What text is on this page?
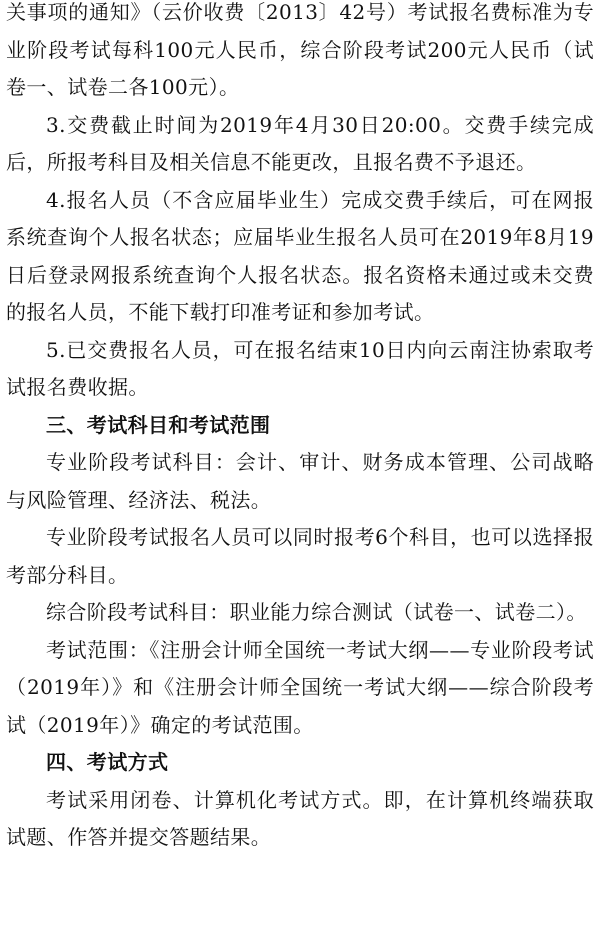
关事项的通知》（云价收费〔2013〕42号）考试报名费标准为专业阶段考试每科100元人民币，综合阶段考试200元人民币（试卷一、试卷二各100元）。

3.交费截止时间为2019年4月30日20:00。交费手续完成后，所报考科目及相关信息不能更改，且报名费不予退还。

4.报名人员（不含应届毕业生）完成交费手续后，可在网报系统查询个人报名状态；应届毕业生报名人员可在2019年8月19日后登录网报系统查询个人报名状态。报名资格未通过或未交费的报名人员，不能下载打印准考证和参加考试。

5.已交费报名人员，可在报名结束10日内向云南注协索取考试报名费收据。

三、考试科目和考试范围

专业阶段考试科目：会计、审计、财务成本管理、公司战略与风险管理、经济法、税法。

专业阶段考试报名人员可以同时报考6个科目，也可以选择报考部分科目。

综合阶段考试科目：职业能力综合测试（试卷一、试卷二）。

考试范围：《注册会计师全国统一考试大纲——专业阶段考试（2019年）》和《注册会计师全国统一考试大纲——综合阶段考试（2019年）》确定的考试范围。

四、考试方式

考试采用闭卷、计算机化考试方式。即，在计算机终端获取试题、作答并提交答题结果。
